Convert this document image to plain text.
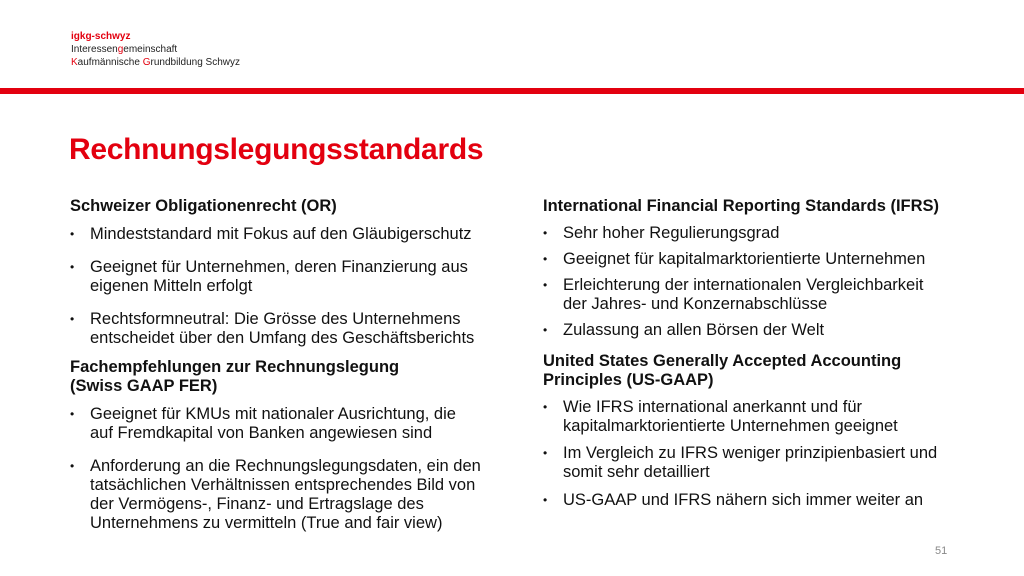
igkg-schwyz
Interessengemeinschaft
Kaufmännische Grundbildung Schwyz
Rechnungslegungsstandards
Schweizer Obligationenrecht (OR)
• Mindeststandard mit Fokus auf den Gläubigerschutz
• Geeignet für Unternehmen, deren Finanzierung aus
eigenen Mitteln erfolgt
• Rechtsformneutral: Die Grösse des Unternehmens
entscheidet über den Umfang des Geschäftsberichts
Fachempfehlungen zur Rechnungslegung
(Swiss GAAP FER)
• Geeignet für KMUs mit nationaler Ausrichtung, die
auf Fremdkapital von Banken angewiesen sind
• Anforderung an die Rechnungslegungsdaten, ein den
tatsächlichen Verhältnissen entsprechendes Bild von
der Vermögens-, Finanz- und Ertragslage des
Unternehmens zu vermitteln (True and fair view)
International Financial Reporting Standards (IFRS)
• Sehr hoher Regulierungsgrad
• Geeignet für kapitalmarktorientierte Unternehmen
• Erleichterung der internationalen Vergleichbarkeit
der Jahres- und Konzernabschlüsse
• Zulassung an allen Börsen der Welt
United States Generally Accepted Accounting
Principles (US-GAAP)
• Wie IFRS international anerkannt und für
kapitalmarktorientierte Unternehmen geeignet
• Im Vergleich zu IFRS weniger prinzipienbasiert und
somit sehr detailliert
• US-GAAP und IFRS nähern sich immer weiter an
51
